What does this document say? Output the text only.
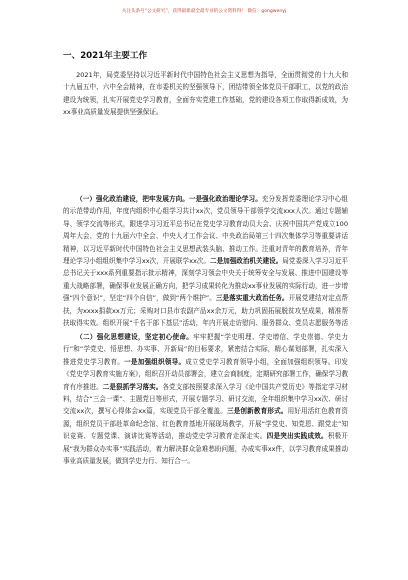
关注头条号“公文研究”，获得最新最全最专业的公文资料得！ 微信：gongwenyj
一、2021年主要工作

2021年，局党委坚持以习近平新时代中国特色社会主义思想为指导，全面贯彻党的十九大和十九届五中、六中全会精神，在市委机关的坚强领导下，团结带领全体党员干部职工，以党的政治建设为统领，扎实开展党史学习教育，全面夯实党建工作基础，党的建设各项工作取得新成效，为xx事业高质量发展提供坚强保证。

（一）强化政治建设，把牢发展方向。一是强化政治理论学习。充分发挥党委理论学习中心组的示范带动作用，年度内组织中心组学习共计xx次，党员领导干部领学交流xxx人次。通过专题辅导、领学交流等形式，跟进学习习近平总书记在党史学习教育动员大会、庆祝中国共产党成立100周年大会、党的十九届六中全会、中央人才工作会议、中央政治局第三十四次集体学习等重要讲话精神，以习近平新时代中国特色社会主义思想武装头脑、推动工作。注重对青年的教育培养，青年理论学习小组组织集中学习xx次，开展联学xx次。二是加强政治机关建设。局党委深入学习习近平总书记关于xxx系列重要指示批示精神，深刻学习领会中央关于统筹安全与发展、推进中国建设等重大战略部署，确保事业发展正确方向，把学习成果转化为推动xx事业发展的实际行动，进一步增强“四个意识”，坚定“四个自信”，做到“两个维护”。三是落实重大政治任务。开展党建结对定点帮扶，为xxxx捐款xx万元；采购对口县市农副产品xx余万元，助力巩固拓展脱贫攻坚成果，精准帮扶取得实效。组织开展“千名干部下基层”活动，年内开展走访慰问、服务群众、党员志愿服务等活

（二）强化思想建设，坚定初心使命。牢牢把握“学史明理、学史增信、学史崇德、学史力行”和“学党史、悟思想、办实事、开新局”的目标要求，紧密结合实际，精心谋划部署，扎实深入推进党史学习教育。一是加强组织领导。成立党史学习教育领导小组，全面加强组织领导。印发《党史学习教育实施方案》，组织召开动员部署会，建立会商制度，定期研究部署工作，确保学习教育有序推进。二是狠抓学习落实。各党支部按照要求深入学习《论中国共产党历史》等指定学习材料，结合“三会一课”、主题党日等形式，开展专题学习、研讨交流，全年组织集中学习xx次、研讨交流xx次，撰写心得体会xx篇，实现党员干部全覆盖。三是创新教育形式。用好用活红色教育资源，组织党员干部赴革命纪念馆、红色教育基地开展现场教学，开展“学党史、知党恩、跟党走”知识竞赛、专题党课、演讲比赛等活动，推动党史学习教育走深走实。四是突出实践成效。积极开展“我为群众办实事”实践活动，着力解决群众急难愁盼问题，办成实事xx件，以学习教育成果推动事业高质量发展，做到学史力行、知行合一。
